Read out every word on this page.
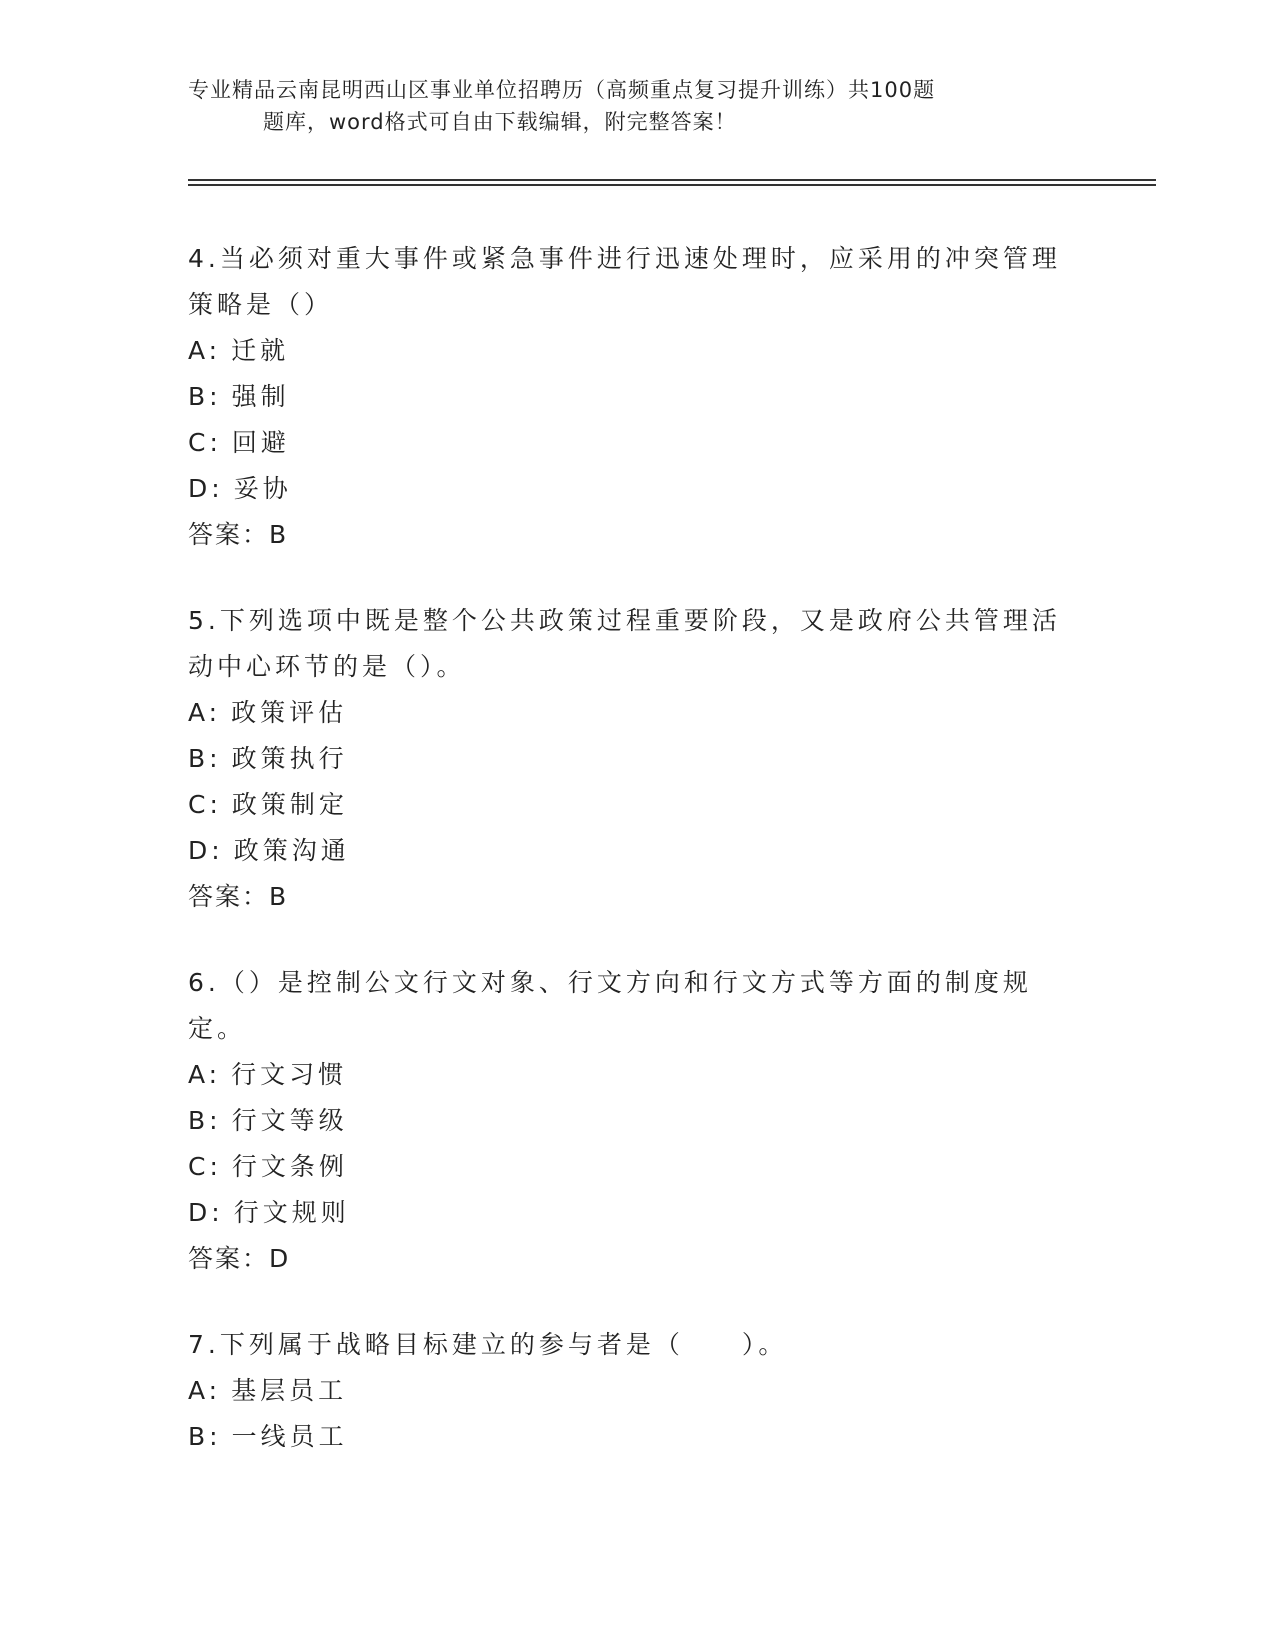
专业精品云南昆明西山区事业单位招聘历（高频重点复习提升训练）共100题
题库，word格式可自由下载编辑，附完整答案！
4.当必须对重大事件或紧急事件进行迅速处理时，应采用的冲突管理策略是（）
A: 迁就
B: 强制
C: 回避
D: 妥协
答案：B
5.下列选项中既是整个公共政策过程重要阶段，又是政府公共管理活动中心环节的是（）。
A: 政策评估
B: 政策执行
C: 政策制定
D: 政策沟通
答案：B
6.（）是控制公文行文对象、行文方向和行文方式等方面的制度规定。
A: 行文习惯
B: 行文等级
C: 行文条例
D: 行文规则
答案：D
7.下列属于战略目标建立的参与者是（　　）。
A: 基层员工
B: 一线员工
